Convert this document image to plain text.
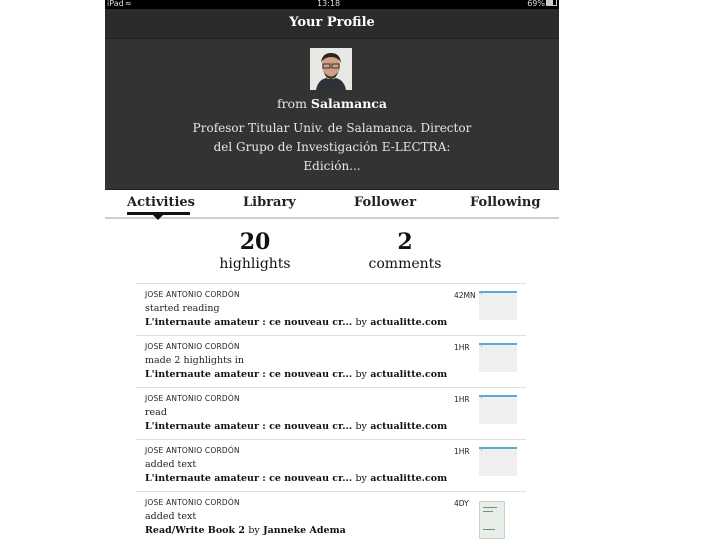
iPad ≈	13:18	69%
Your Profile
from Salamanca
Profesor Titular Univ. de Salamanca. Director
del Grupo de Investigación E-LECTRA: Edición...
Activities	Library	Follower	Following
20
highlights
2
comments
JOSE ANTONIO CORDÓN
started reading
L'internaute amateur : ce nouveau cr... by actualitte.com
42MN '
JOSE ANTONIO CORDÓN
made 2 highlights in
L'internaute amateur : ce nouveau cr... by actualitte.com
1HR '
JOSE ANTONIO CORDÓN
read
L'internaute amateur : ce nouveau cr... by actualitte.com
1HR '
JOSE ANTONIO CORDÓN
added text
L'internaute amateur : ce nouveau cr... by actualitte.com
1HR '
JOSE ANTONIO CORDÓN
added text
Read/Write Book 2 by Janneke Adema
4DY
